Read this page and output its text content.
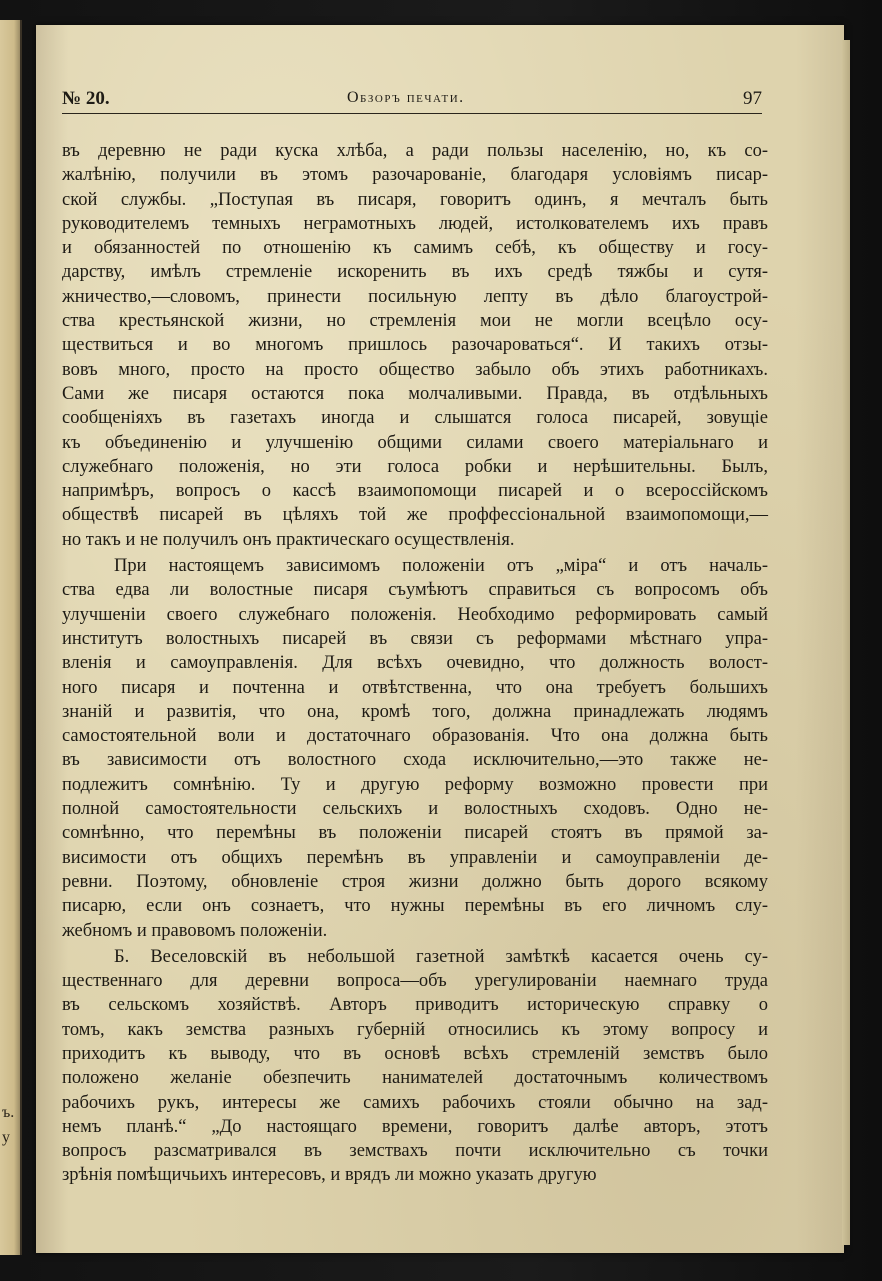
ъ.
у
№ 20.	Обзоръ печати.	97
въ деревню не ради куска хлѣба, а ради пользы населенію, но, къ со-
жалѣнію, получили въ этомъ разочарованіе, благодаря условіямъ писар-
ской службы. „Поступая въ писаря, говоритъ одинъ, я мечталъ быть
руководителемъ темныхъ неграмотныхъ людей, истолкователемъ ихъ правъ
и обязанностей по отношенію къ самимъ себѣ, къ обществу и госу-
дарству, имѣлъ стремленіе искоренить въ ихъ средѣ тяжбы и сутя-
жничество,—словомъ, принести посильную лепту въ дѣло благоустрой-
ства крестьянской жизни, но стремленія мои не могли всецѣло осу-
ществиться и во многомъ пришлось разочароваться“. И такихъ отзы-
вовъ много, просто на просто общество забыло объ этихъ работникахъ.
Сами же писаря остаются пока молчаливыми. Правда, въ отдѣльныхъ
сообщеніяхъ въ газетахъ иногда и слышатся голоса писарей, зовущіе
къ объединенію и улучшенію общими силами своего матеріальнаго и
служебнаго положенія, но эти голоса робки и нерѣшительны. Былъ,
напримѣръ, вопросъ о кассѣ взаимопомощи писарей и о всероссійскомъ
обществѣ писарей въ цѣляхъ той же проффессіональной взаимопомощи,—
но такъ и не получилъ онъ практическаго осуществленія.
При настоящемъ зависимомъ положеніи отъ „міра“ и отъ началь-
ства едва ли волостные писаря съумѣютъ справиться съ вопросомъ объ
улучшеніи своего служебнаго положенія. Необходимо реформировать самый
институтъ волостныхъ писарей въ связи съ реформами мѣстнаго упра-
вленія и самоуправленія. Для всѣхъ очевидно, что должность волост-
ного писаря и почтенна и отвѣтственна, что она требуетъ большихъ
знаній и развитія, что она, кромѣ того, должна принадлежать людямъ
самостоятельной воли и достаточнаго образованія. Что она должна быть
въ зависимости отъ волостного схода исключительно,—это также не-
подлежитъ сомнѣнію. Ту и другую реформу возможно провести при
полной самостоятельности сельскихъ и волостныхъ сходовъ. Одно не-
сомнѣнно, что перемѣны въ положеніи писарей стоятъ въ прямой за-
висимости отъ общихъ перемѣнъ въ управленіи и самоуправленіи де-
ревни. Поэтому, обновленіе строя жизни должно быть дорого всякому
писарю, если онъ сознаетъ, что нужны перемѣны въ его личномъ слу-
жебномъ и правовомъ положеніи.
Б. Веселовскій въ небольшой газетной замѣткѣ касается очень су-
щественнаго для деревни вопроса—объ урегулированіи наемнаго труда
въ сельскомъ хозяйствѣ. Авторъ приводитъ историческую справку о
томъ, какъ земства разныхъ губерній относились къ этому вопросу и
приходитъ къ выводу, что въ основѣ всѣхъ стремленій земствъ было
положено желаніе обезпечить нанимателей достаточнымъ количествомъ
рабочихъ рукъ, интересы же самихъ рабочихъ стояли обычно на зад-
немъ планѣ.“ „До настоящаго времени, говоритъ далѣе авторъ, этотъ
вопросъ разсматривался въ земствахъ почти исключительно съ точки
зрѣнія помѣщичьихъ интересовъ, и врядъ ли можно указать другую
